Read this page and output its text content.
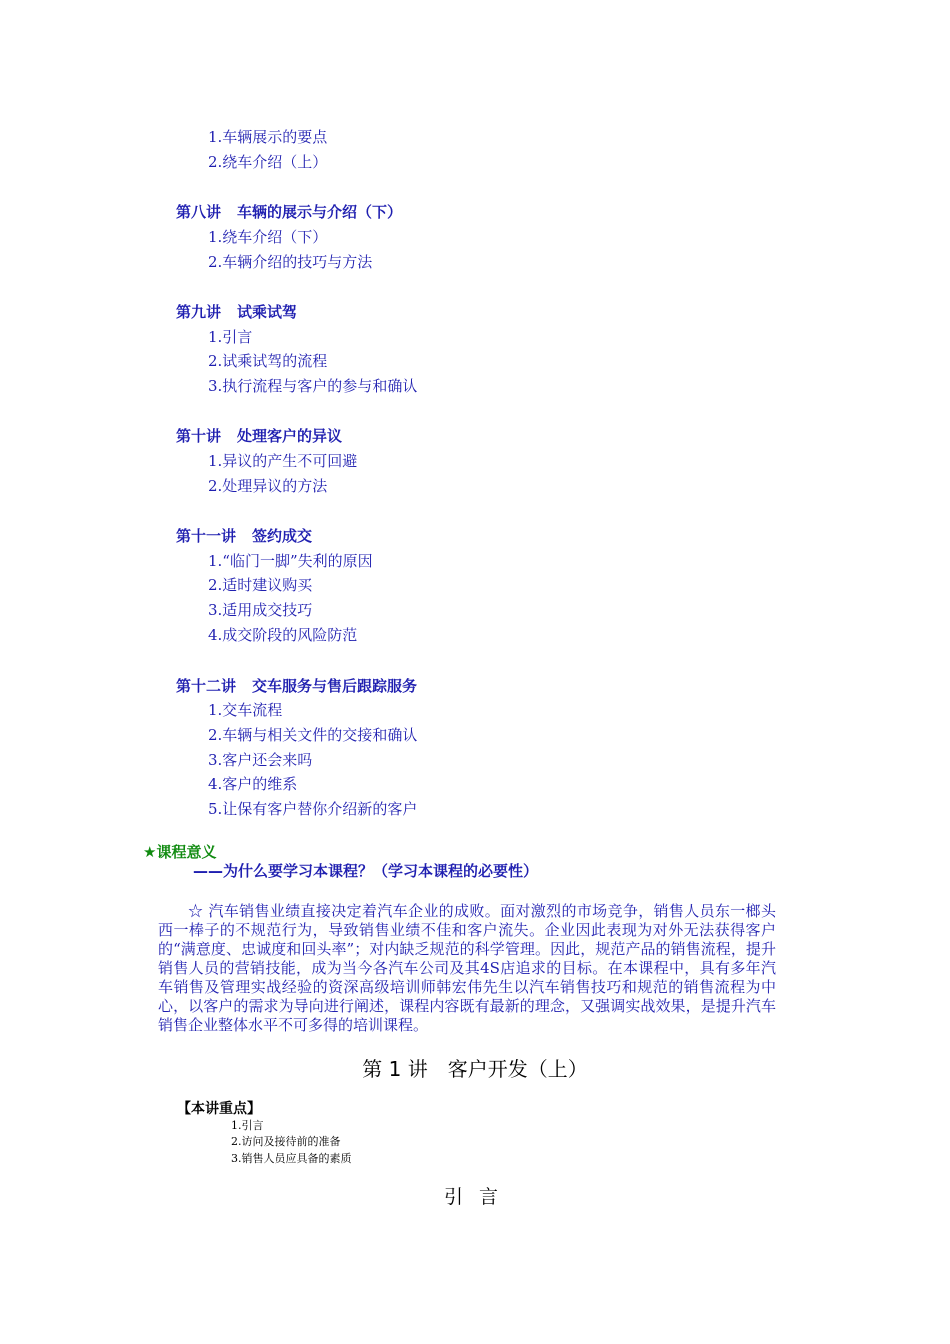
1.车辆展示的要点
2.绕车介绍（上）
第八讲 车辆的展示与介绍（下）
1.绕车介绍（下）
2.车辆介绍的技巧与方法
第九讲 试乘试驾
1.引言
2.试乘试驾的流程
3.执行流程与客户的参与和确认
第十讲 处理客户的异议
1.异议的产生不可回避
2.处理异议的方法
第十一讲 签约成交
1.“临门一脚”失利的原因
2.适时建议购买
3.适用成交技巧
4.成交阶段的风险防范
第十二讲 交车服务与售后跟踪服务
1.交车流程
2.车辆与相关文件的交接和确认
3.客户还会来吗
4.客户的维系
5.让保有客户替你介绍新的客户
★课程意义
——为什么要学习本课程？（学习本课程的必要性）
☆ 汽车销售业绩直接决定着汽车企业的成败。面对激烈的市场竞争，销售人员东一榔头西一棒子的不规范行为，导致销售业绩不佳和客户流失。企业因此表现为对外无法获得客户的“满意度、忠诚度和回头率”；对内缺乏规范的科学管理。因此，规范产品的销售流程，提升销售人员的营销技能，成为当今各汽车公司及其4S店追求的目标。在本课程中，具有多年汽车销售及管理实战经验的资深高级培训师韩宏伟先生以汽车销售技巧和规范的销售流程为中心，以客户的需求为导向进行阐述，课程内容既有最新的理念，又强调实战效果，是提升汽车销售企业整体水平不可多得的培训课程。
第 1 讲　客户开发（上）
【本讲重点】
1.引言
2.访问及接待前的准备
3.销售人员应具备的素质
引言
